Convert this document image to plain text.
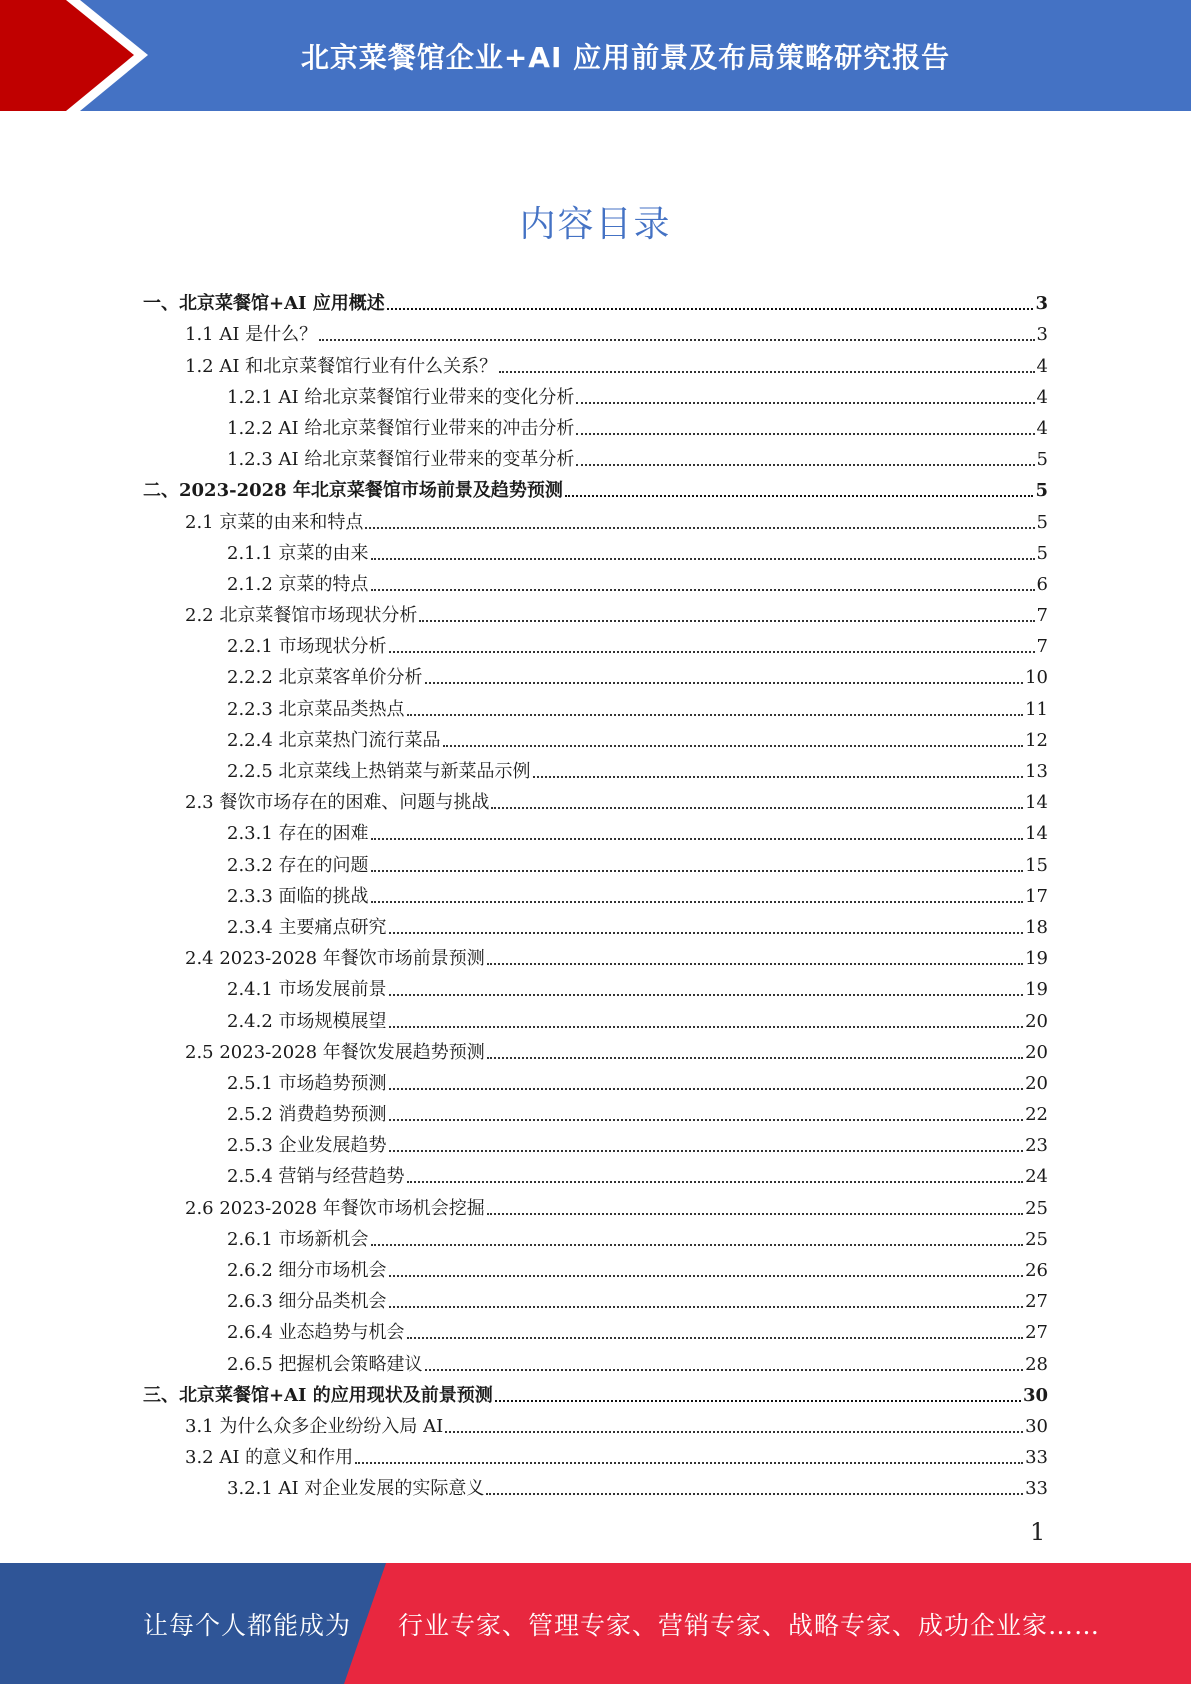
北京菜餐馆企业+AI 应用前景及布局策略研究报告
内容目录
一、北京菜餐馆+AI 应用概述	3
1.1 AI 是什么？	3
1.2 AI 和北京菜餐馆行业有什么关系？	4
1.2.1 AI 给北京菜餐馆行业带来的变化分析	4
1.2.2 AI 给北京菜餐馆行业带来的冲击分析	4
1.2.3 AI 给北京菜餐馆行业带来的变革分析	5
二、2023-2028 年北京菜餐馆市场前景及趋势预测	5
2.1 京菜的由来和特点	5
2.1.1 京菜的由来	5
2.1.2 京菜的特点	6
2.2 北京菜餐馆市场现状分析	7
2.2.1 市场现状分析	7
2.2.2 北京菜客单价分析	10
2.2.3 北京菜品类热点	11
2.2.4 北京菜热门流行菜品	12
2.2.5 北京菜线上热销菜与新菜品示例	13
2.3 餐饮市场存在的困难、问题与挑战	14
2.3.1 存在的困难	14
2.3.2 存在的问题	15
2.3.3 面临的挑战	17
2.3.4 主要痛点研究	18
2.4 2023-2028 年餐饮市场前景预测	19
2.4.1 市场发展前景	19
2.4.2 市场规模展望	20
2.5 2023-2028 年餐饮发展趋势预测	20
2.5.1 市场趋势预测	20
2.5.2 消费趋势预测	22
2.5.3 企业发展趋势	23
2.5.4 营销与经营趋势	24
2.6 2023-2028 年餐饮市场机会挖掘	25
2.6.1 市场新机会	25
2.6.2 细分市场机会	26
2.6.3 细分品类机会	27
2.6.4 业态趋势与机会	27
2.6.5 把握机会策略建议	28
三、北京菜餐馆+AI 的应用现状及前景预测	30
3.1 为什么众多企业纷纷入局 AI	30
3.2 AI 的意义和作用	33
3.2.1 AI 对企业发展的实际意义	33
1
让每个人都能成为 行业专家、管理专家、营销专家、战略专家、成功企业家……
